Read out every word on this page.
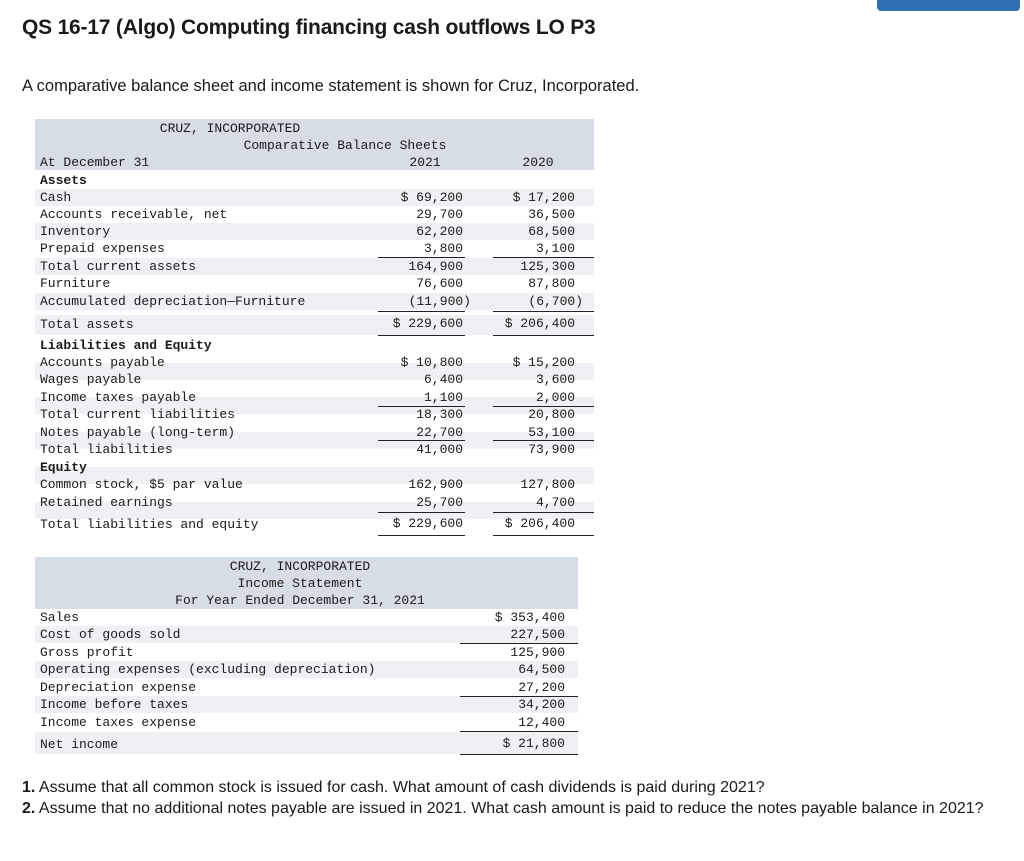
QS 16-17 (Algo) Computing financing cash outflows LO P3

A comparative balance sheet and income statement is shown for Cruz, Incorporated.

CRUZ, INCORPORATED
Comparative Balance Sheets
At December 31	2021	2020
Assets
Cash	$ 69,200	$ 17,200
Accounts receivable, net	29,700	36,500
Inventory	62,200	68,500
Prepaid expenses	3,800	3,100
Total current assets	164,900	125,300
Furniture	76,600	87,800
Accumulated depreciation—Furniture	(11,900)	(6,700)
Total assets	$ 229,600	$ 206,400
Liabilities and Equity
Accounts payable	$ 10,800	$ 15,200
Wages payable	6,400	3,600
Income taxes payable	1,100	2,000
Total current liabilities	18,300	20,800
Notes payable (long-term)	22,700	53,100
Total liabilities	41,000	73,900
Equity
Common stock, $5 par value	162,900	127,800
Retained earnings	25,700	4,700
Total liabilities and equity	$ 229,600	$ 206,400
CRUZ, INCORPORATED
Income Statement
For Year Ended December 31, 2021
Sales	$ 353,400
Cost of goods sold	227,500
Gross profit	125,900
Operating expenses (excluding depreciation)	64,500
Depreciation expense	27,200
Income before taxes	34,200
Income taxes expense	12,400
Net income	$ 21,800

1. Assume that all common stock is issued for cash. What amount of cash dividends is paid during 2021?

2. Assume that no additional notes payable are issued in 2021. What cash amount is paid to reduce the notes payable balance in 2021?
